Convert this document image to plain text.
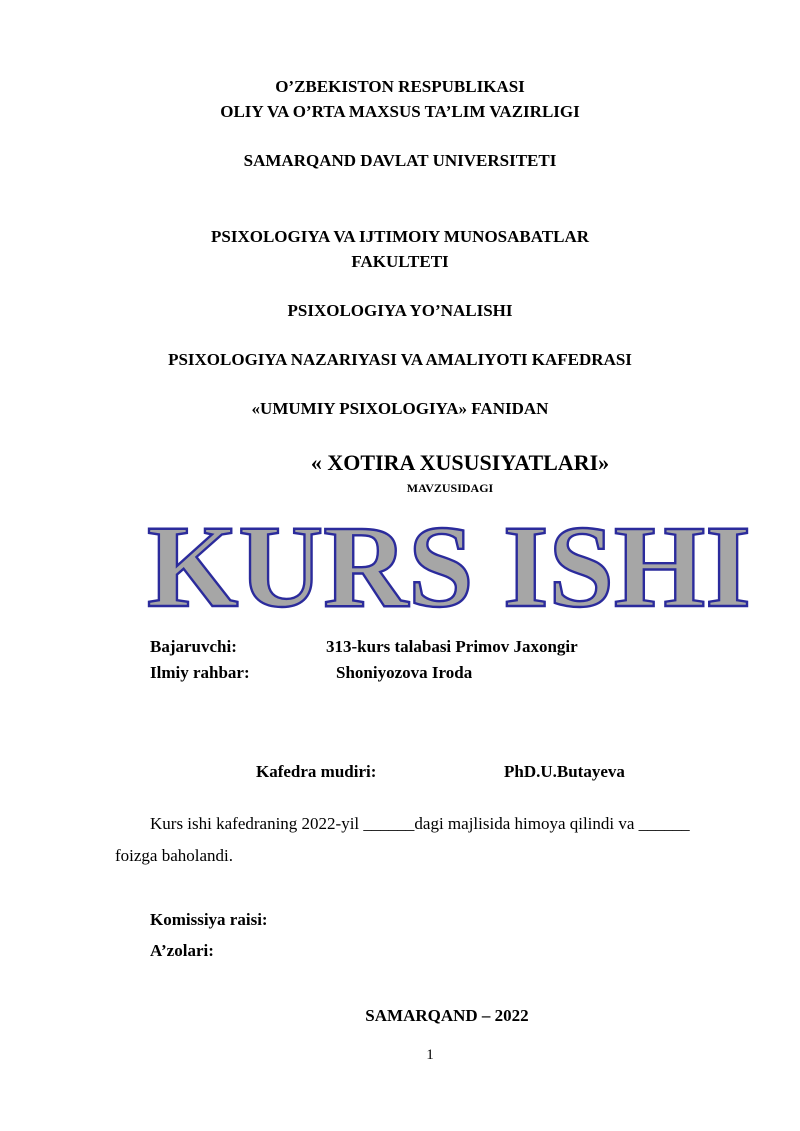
O’ZBEKISTON RESPUBLIKASI
OLIY VA O’RTA MAXSUS TA’LIM VAZIRLIGI
SAMARQAND DAVLAT UNIVERSITETI
PSIXOLOGIYA VA IJTIMOIY MUNOSABATLAR
FAKULTETI
PSIXOLOGIYA YO’NALISHI
PSIXOLOGIYA NAZARIYASI VA AMALIYOTI KAFEDRASI
«UMUMIY PSIXOLOGIYA» FANIDAN
« XOTIRA XUSUSIYATLARI»
MAVZUSIDAGI
KURS ISHI
Bajaruvchi:	313-kurs talabasi Primov Jaxongir
Ilmiy rahbar:	Shoniyozova Iroda
Kafedra mudiri:	PhD.U.Butayeva
Kurs ishi kafedraning 2022-yil ______dagi majlisida himoya qilindi va ______
foizga baholandi.
Komissiya raisi:
A’zolari:
SAMARQAND – 2022
1
